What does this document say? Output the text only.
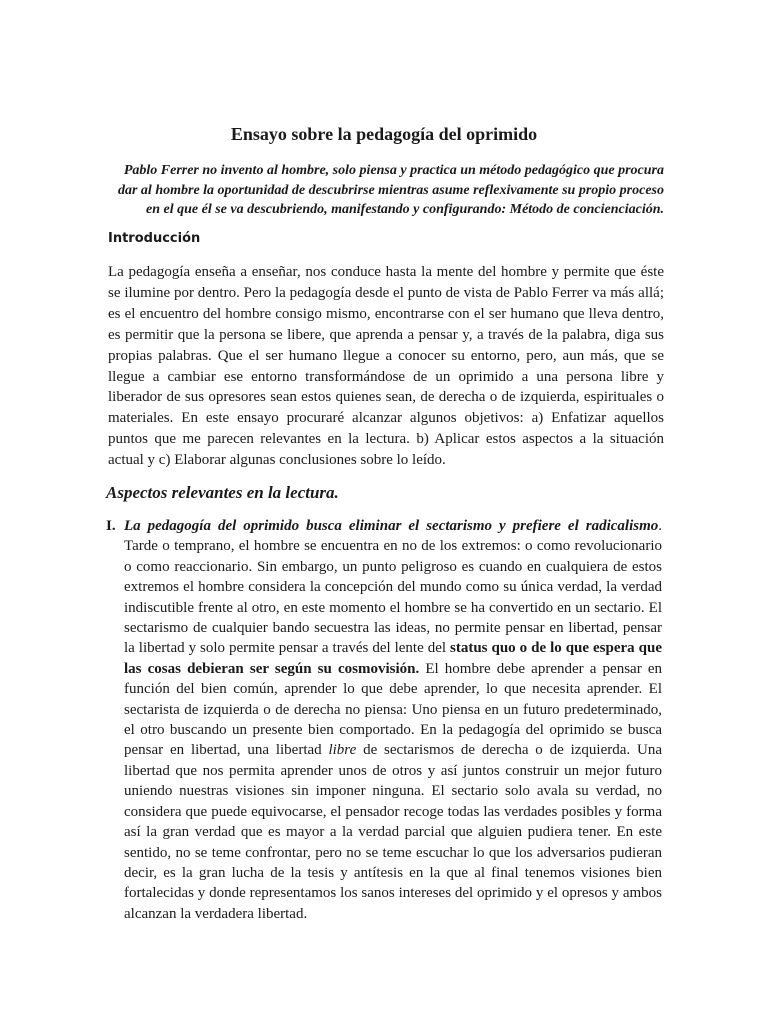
Ensayo sobre la pedagogía del oprimido

Pablo Ferrer no invento al hombre, solo piensa y practica un método pedagógico que procura dar al hombre la oportunidad de descubrirse mientras asume reflexivamente su propio proceso en el que él se va descubriendo, manifestando y configurando: Método de concienciación.

Introducción

La pedagogía enseña a enseñar, nos conduce hasta la mente del hombre y permite que éste se ilumine por dentro. Pero la pedagogía desde el punto de vista de Pablo Ferrer va más allá; es el encuentro del hombre consigo mismo, encontrarse con el ser humano que lleva dentro, es permitir que la persona se libere, que aprenda a pensar y, a través de la palabra, diga sus propias palabras. Que el ser humano llegue a conocer su entorno, pero, aun más, que se llegue a cambiar ese entorno transformándose de un oprimido a una persona libre y liberador de sus opresores sean estos quienes sean, de derecha o de izquierda, espirituales o materiales. En este ensayo procuraré alcanzar algunos objetivos: a) Enfatizar aquellos puntos que me parecen relevantes en la lectura. b) Aplicar estos aspectos a la situación actual y c) Elaborar algunas conclusiones sobre lo leído.

Aspectos relevantes en la lectura.
I. La pedagogía del oprimido busca eliminar el sectarismo y prefiere el radicalismo. Tarde o temprano, el hombre se encuentra en no de los extremos: o como revolucionario o como reaccionario. Sin embargo, un punto peligroso es cuando en cualquiera de estos extremos el hombre considera la concepción del mundo como su única verdad, la verdad indiscutible frente al otro, en este momento el hombre se ha convertido en un sectario. El sectarismo de cualquier bando secuestra las ideas, no permite pensar en libertad, pensar la libertad y solo permite pensar a través del lente del status quo o de lo que espera que las cosas debieran ser según su cosmovisión. El hombre debe aprender a pensar en función del bien común, aprender lo que debe aprender, lo que necesita aprender. El sectarista de izquierda o de derecha no piensa: Uno piensa en un futuro predeterminado, el otro buscando un presente bien comportado. En la pedagogía del oprimido se busca pensar en libertad, una libertad libre de sectarismos de derecha o de izquierda. Una libertad que nos permita aprender unos de otros y así juntos construir un mejor futuro uniendo nuestras visiones sin imponer ninguna. El sectario solo avala su verdad, no considera que puede equivocarse, el pensador recoge todas las verdades posibles y forma así la gran verdad que es mayor a la verdad parcial que alguien pudiera tener. En este sentido, no se teme confrontar, pero no se teme escuchar lo que los adversarios pudieran decir, es la gran lucha de la tesis y antítesis en la que al final tenemos visiones bien fortalecidas y donde representamos los sanos intereses del oprimido y el opresos y ambos alcanzan la verdadera libertad.
